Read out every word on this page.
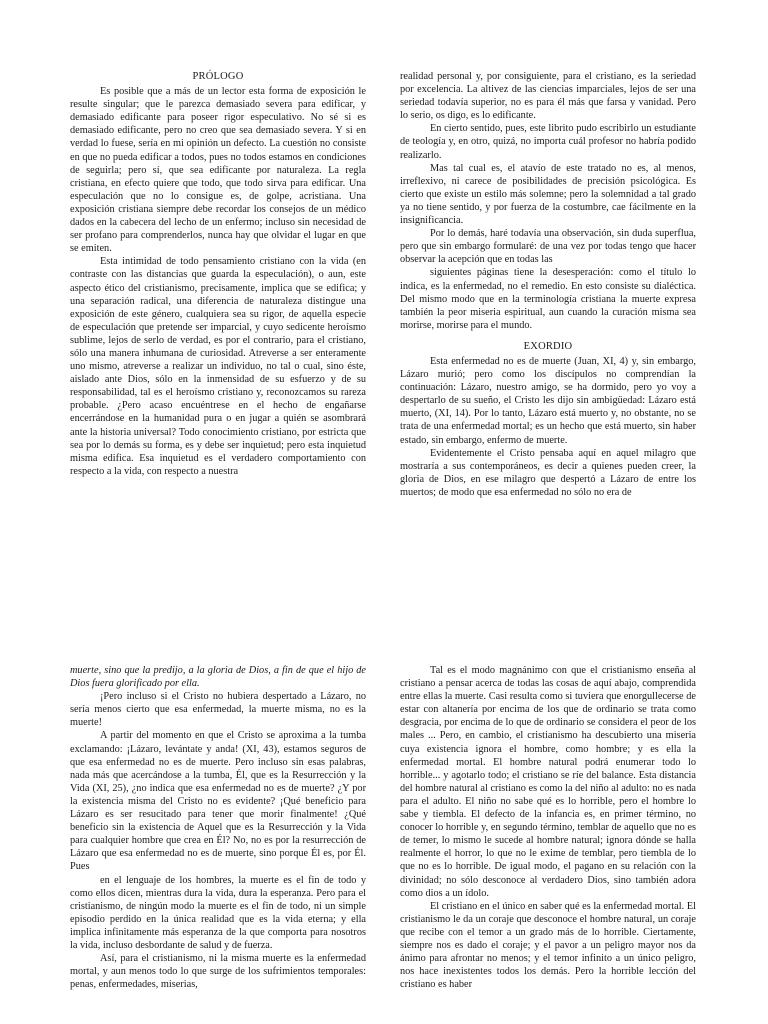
PRÓLOGO

Es posible que a más de un lector esta forma de exposición le resulte singular; que le parezca demasiado severa para edificar, y demasiado edificante para poseer rigor especulativo. No sé si es demasiado edificante, pero no creo que sea demasiado severa. Y si en verdad lo fuese, sería en mi opinión un defecto. La cuestión no consiste en que no pueda edificar a todos, pues no todos estamos en condiciones de seguirla; pero sí, que sea edificante por naturaleza. La regla cristiana, en efecto quiere que todo, que todo sirva para edificar. Una especulación que no lo consigue es, de golpe, acristiana. Una exposición cristiana siempre debe recordar los consejos de un médico dados en la cabecera del lecho de un enfermo; incluso sin necesidad de ser profano para comprenderlos, nunca hay que olvidar el lugar en que se emiten.

Esta intimidad de todo pensamiento cristiano con la vida (en contraste con las distancias que guarda la especulación), o aun, este aspecto ético del cristianismo, precisamente, implica que se edifica; y una separación radical, una diferencia de naturaleza distingue una exposición de este género, cualquiera sea su rigor, de aquella especie de especulación que pretende ser imparcial, y cuyo sedicente heroísmo sublime, lejos de serlo de verdad, es por el contrario, para el cristiano, sólo una manera inhumana de curiosidad. Atreverse a ser enteramente uno mismo, atreverse a realizar un individuo, no tal o cual, sino éste, aislado ante Dios, sólo en la inmensidad de su esfuerzo y de su responsabilidad, tal es el heroísmo cristiano y, reconozcamos su rareza probable. ¿Pero acaso encuéntrese en el hecho de engañarse encerrándose en la humanidad pura o en jugar a quién se asombrará ante la historia universal? Todo conocimiento cristiano, por estricta que sea por lo demás su forma, es y debe ser inquietud; pero esta inquietud misma edifica. Esa inquietud es el verdadero comportamiento con respecto a la vida, con respecto a nuestra

realidad personal y, por consiguiente, para el cristiano, es la seriedad por excelencia. La altivez de las ciencias imparciales, lejos de ser una seriedad todavía superior, no es para él más que farsa y vanidad. Pero lo serio, os digo, es lo edificante.

En cierto sentido, pues, este librito pudo escribirlo un estudiante de teología y, en otro, quizá, no importa cuál profesor no habría podido realizarlo.

Mas tal cual es, el atavío de este tratado no es, al menos, irreflexivo, ni carece de posibilidades de precisión psicológica. Es cierto que existe un estilo más solemne; pero la solemnidad a tal grado ya no tiene sentido, y por fuerza de la costumbre, cae fácilmente en la insignificancia.

Por lo demás, haré todavía una observación, sin duda superflua, pero que sin embargo formularé: de una vez por todas tengo que hacer observar la acepción que en todas las

siguientes páginas tiene la desesperación: como el título lo indica, es la enfermedad, no el remedio. En esto consiste su dialéctica. Del mismo modo que en la terminología cristiana la muerte expresa también la peor miseria espiritual, aun cuando la curación misma sea morirse, morirse para el mundo.

EXORDIO

Esta enfermedad no es de muerte (Juan, XI, 4) y, sin embargo, Lázaro murió; pero como los discípulos no comprendían la continuación: Lázaro, nuestro amigo, se ha dormido, pero yo voy a despertarlo de su sueño, el Cristo les dijo sin ambigüedad: Lázaro está muerto, (XI, 14). Por lo tanto, Lázaro está muerto y, no obstante, no se trata de una enfermedad mortal; es un hecho que está muerto, sin haber estado, sin embargo, enfermo de muerte.

Evidentemente el Cristo pensaba aquí en aquel milagro que mostraría a sus contemporáneos, es decir a quienes pueden creer, la gloria de Dios, en ese milagro que despertó a Lázaro de entre los muertos; de modo que esa enfermedad no sólo no era de

muerte, sino que la predijo, a la gloria de Dios, a fin de que el hijo de Dios fuera glorificado por ella.

¡Pero incluso si el Cristo no hubiera despertado a Lázaro, no sería menos cierto que esa enfermedad, la muerte misma, no es la muerte!

A partir del momento en que el Cristo se aproxima a la tumba exclamando: ¡Lázaro, levántate y anda! (XI, 43), estamos seguros de que esa enfermedad no es de muerte. Pero incluso sin esas palabras, nada más que acercándose a la tumba, Él, que es la Resurrección y la Vida (XI, 25), ¿no indica que esa enfermedad no es de muerte? ¿Y por la existencia misma del Cristo no es evidente? ¡Qué beneficio para Lázaro es ser resucitado para tener que morir finalmente! ¿Qué beneficio sin la existencia de Aquel que es la Resurrección y la Vida para cualquier hombre que crea en Él? No, no es por la resurrección de Lázaro que esa enfermedad no es de muerte, sino porque Él es, por Él. Pues

en el lenguaje de los hombres, la muerte es el fin de todo y como ellos dicen, mientras dura la vida, dura la esperanza. Pero para el cristianismo, de ningún modo la muerte es el fin de todo, ni un simple episodio perdido en la única realidad que es la vida eterna; y ella implica infinitamente más esperanza de la que comporta para nosotros la vida, incluso desbordante de salud y de fuerza.

Así, para el cristianismo, ni la misma muerte es la enfermedad mortal, y aun menos todo lo que surge de los sufrimientos temporales: penas, enfermedades, miserias,

Tal es el modo magnánimo con que el cristianismo enseña al cristiano a pensar acerca de todas las cosas de aquí abajo, comprendida entre ellas la muerte. Casi resulta como si tuviera que enorgullecerse de estar con altanería por encima de los que de ordinario se trata como desgracia, por encima de lo que de ordinario se considera el peor de los males ... Pero, en cambio, el cristianismo ha descubierto una miseria cuya existencia ignora el hombre, como hombre; y es ella la enfermedad mortal. El hombre natural podrá enumerar todo lo horrible... y agotarlo todo; el cristiano se ríe del balance. Esta distancia del hombre natural al cristiano es como la del niño al adulto: no es nada para el adulto. El niño no sabe qué es lo horrible, pero el hombre lo sabe y tiembla. El defecto de la infancia es, en primer término, no conocer lo horrible y, en segundo término, temblar de aquello que no es de temer, lo mismo le sucede al hombre natural; ignora dónde se halla realmente el horror, lo que no le exime de temblar, pero tiembla de lo que no es lo horrible. De igual modo, el pagano en su relación con la divinidad; no sólo desconoce al verdadero Dios, sino también adora como dios a un ídolo.

El cristiano en el único en saber qué es la enfermedad mortal. El cristianismo le da un coraje que desconoce el hombre natural, un coraje que recibe con el temor a un grado más de lo horrible. Ciertamente, siempre nos es dado el coraje; y el pavor a un peligro mayor nos da ánimo para afrontar no menos; y el temor infinito a un único peligro, nos hace inexistentes todos los demás. Pero la horrible lección del cristiano es haber
